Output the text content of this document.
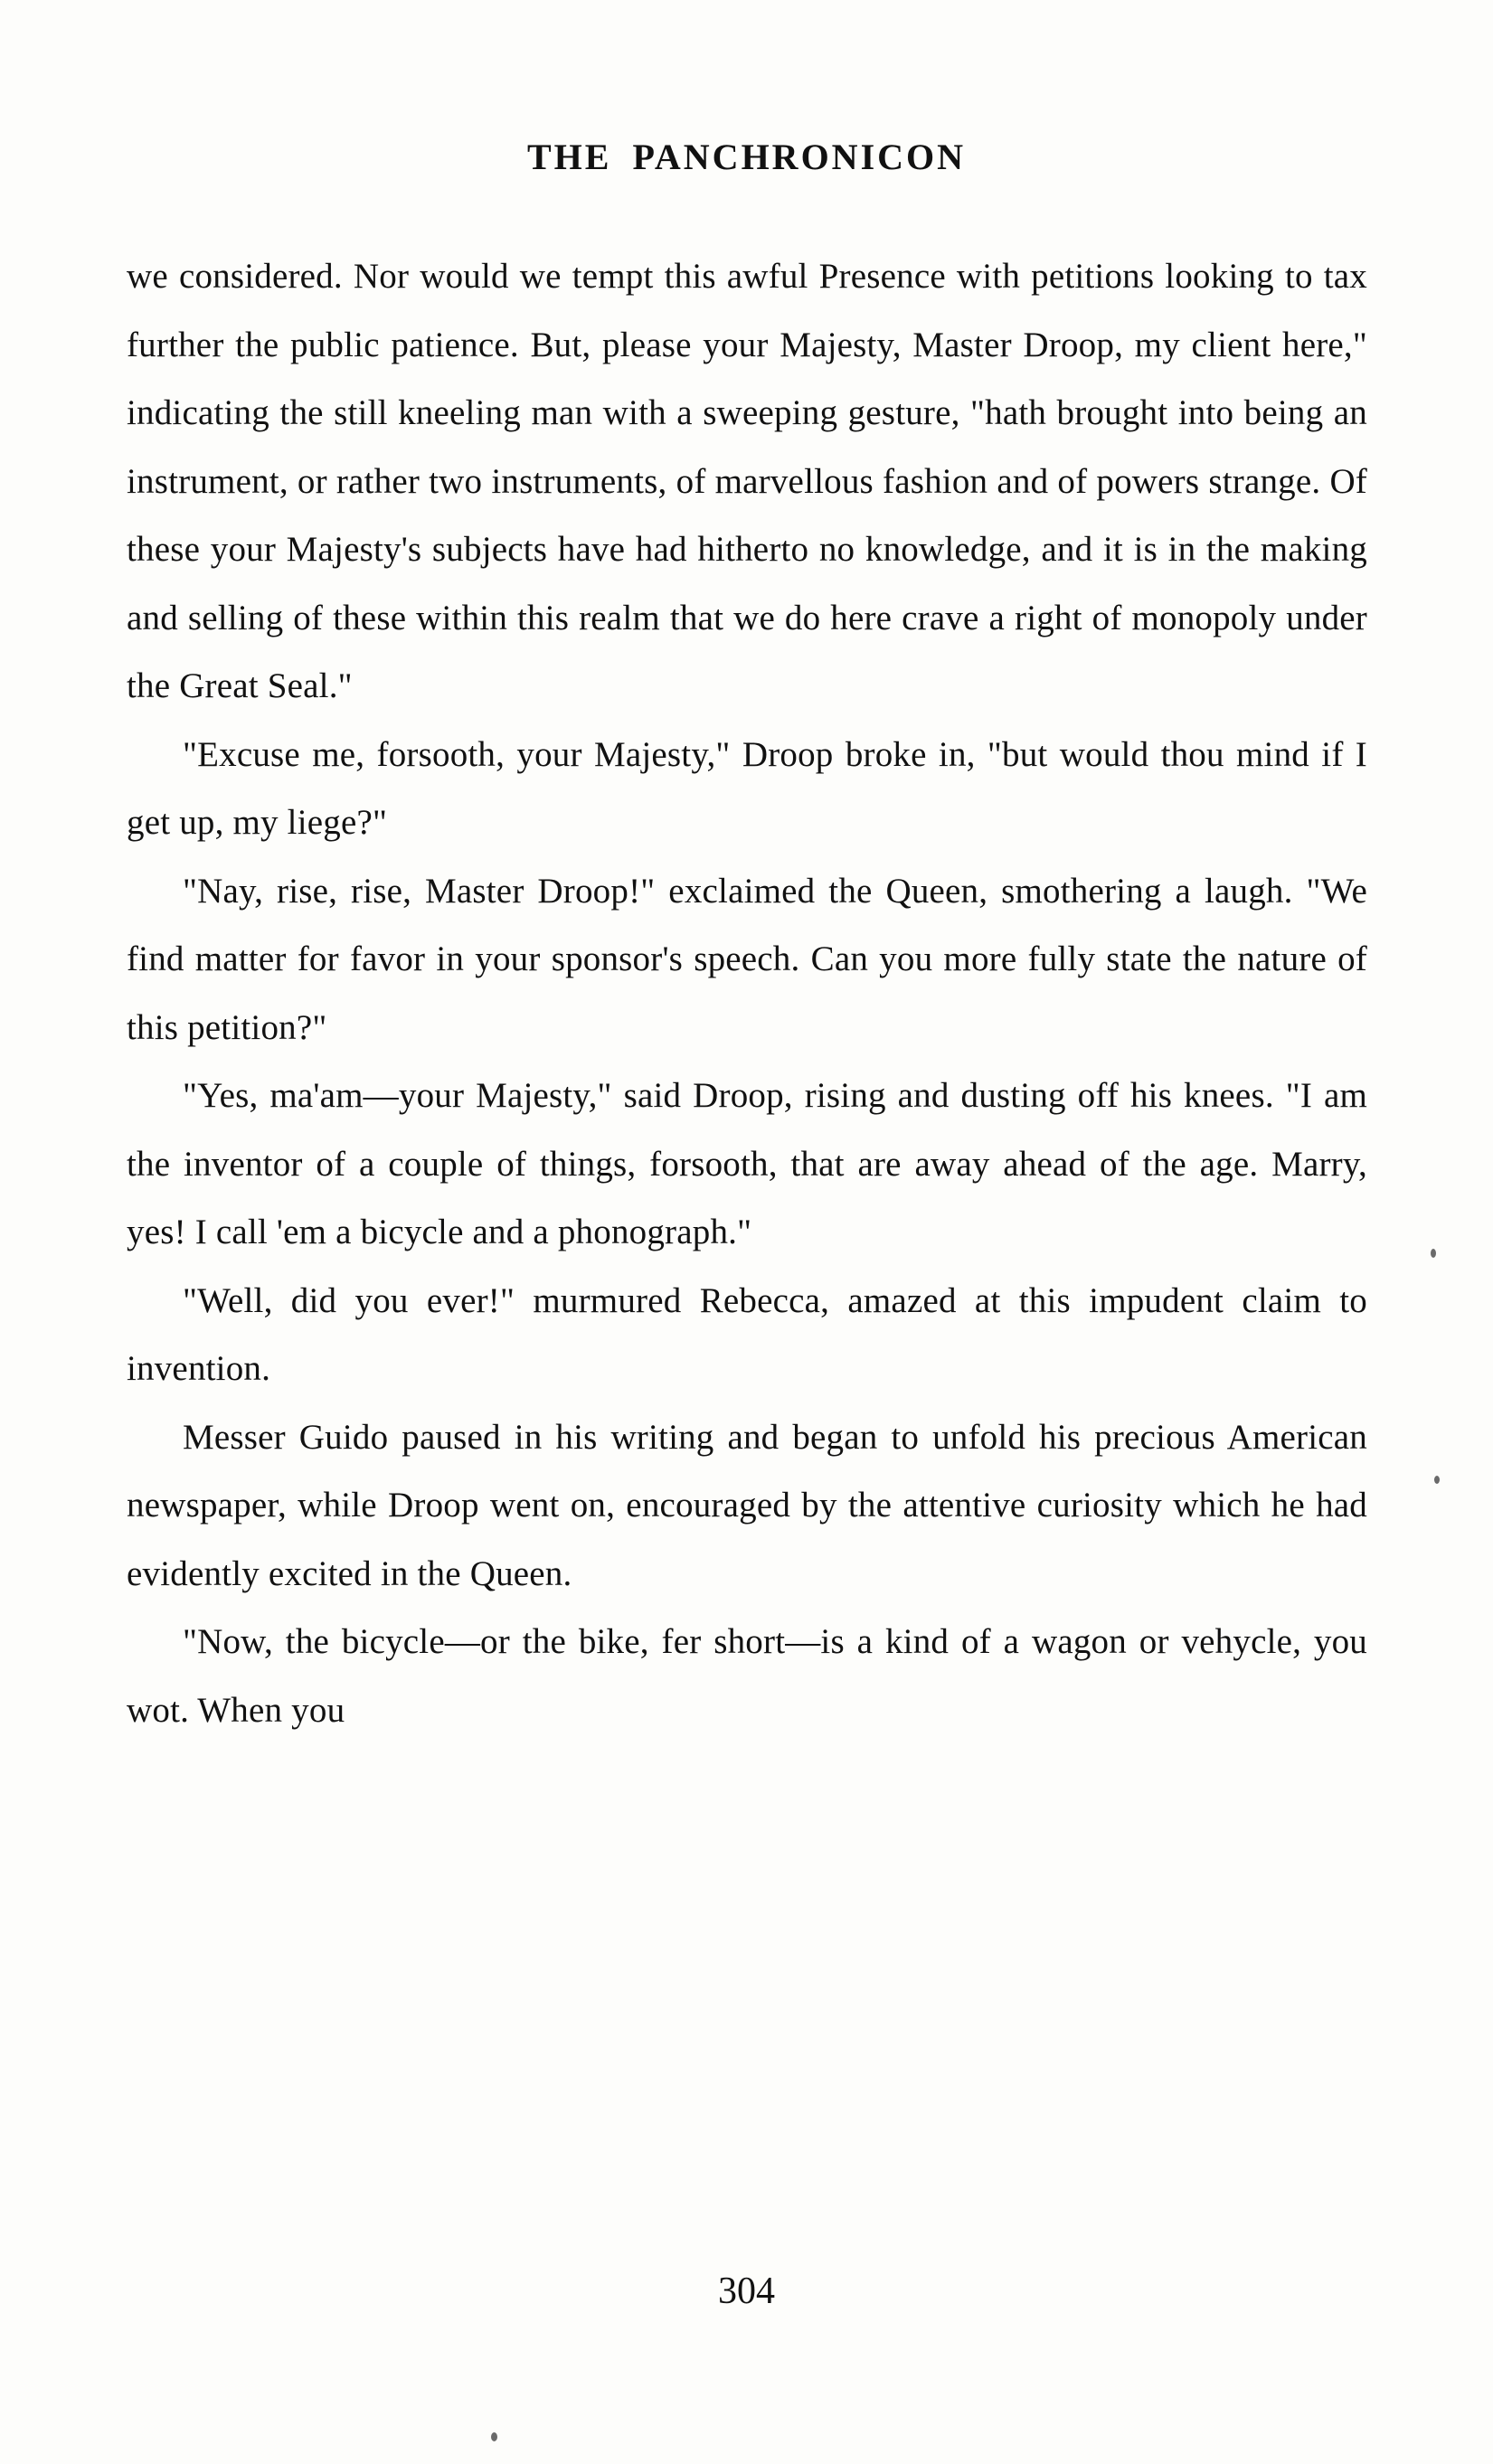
THE PANCHRONICON

we considered. Nor would we tempt this awful Presence with petitions looking to tax further the public patience. But, please your Majesty, Master Droop, my client here," indicating the still kneeling man with a sweeping gesture, "hath brought into being an instrument, or rather two instruments, of marvellous fashion and of powers strange. Of these your Majesty's subjects have had hitherto no knowledge, and it is in the making and selling of these within this realm that we do here crave a right of monopoly under the Great Seal."

"Excuse me, forsooth, your Majesty," Droop broke in, "but would thou mind if I get up, my liege?"

"Nay, rise, rise, Master Droop!" exclaimed the Queen, smothering a laugh. "We find matter for favor in your sponsor's speech. Can you more fully state the nature of this petition?"

"Yes, ma'am—your Majesty," said Droop, rising and dusting off his knees. "I am the inventor of a couple of things, forsooth, that are away ahead of the age. Marry, yes! I call 'em a bicycle and a phonograph."

"Well, did you ever!" murmured Rebecca, amazed at this impudent claim to invention.

Messer Guido paused in his writing and began to unfold his precious American newspaper, while Droop went on, encouraged by the attentive curiosity which he had evidently excited in the Queen.

"Now, the bicycle—or the bike, fer short—is a kind of a wagon or vehycle, you wot. When you

304
